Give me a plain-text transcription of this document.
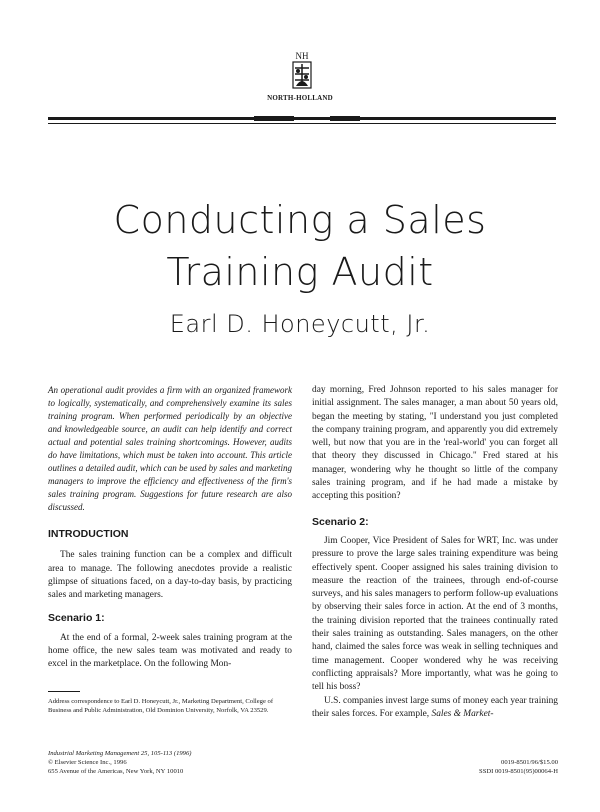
NH
NORTH-HOLLAND
Conducting a Sales
Training Audit
Earl D. Honeycutt, Jr.
An operational audit provides a firm with an organized framework to logically, systematically, and comprehensively examine its sales training program. When performed periodically by an objective and knowledgeable source, an audit can help identify and correct actual and potential sales training shortcomings. However, audits do have limitations, which must be taken into account. This article outlines a detailed audit, which can be used by sales and marketing managers to improve the efficiency and effectiveness of the firm's sales training program. Suggestions for future research are also discussed.
INTRODUCTION

The sales training function can be a complex and difficult area to manage. The following anecdotes provide a realistic glimpse of situations faced, on a day-to-day basis, by practicing sales and marketing managers.

Scenario 1:

At the end of a formal, 2-week sales training program at the home office, the new sales team was motivated and ready to excel in the marketplace. On the following Mon-

day morning, Fred Johnson reported to his sales manager for initial assignment. The sales manager, a man about 50 years old, began the meeting by stating, "I understand you just completed the company training program, and apparently you did extremely well, but now that you are in the 'real-world' you can forget all that theory they discussed in Chicago." Fred stared at his manager, wondering why he thought so little of the company sales training program, and if he had made a mistake by accepting this position?

Scenario 2:

Jim Cooper, Vice President of Sales for WRT, Inc. was under pressure to prove the large sales training expenditure was being effectively spent. Cooper assigned his sales training division to measure the reaction of the trainees, through end-of-course surveys, and his sales managers to perform follow-up evaluations by observing their sales force in action. At the end of 3 months, the training division reported that the trainees continually rated their sales training as outstanding. Sales managers, on the other hand, claimed the sales force was weak in selling techniques and time management. Cooper wondered why he was receiving conflicting appraisals? More importantly, what was he going to tell his boss?

U.S. companies invest large sums of money each year training their sales forces. For example, Sales & Market-

Address correspondence to Earl D. Honeycutt, Jr., Marketing Department, College of Business and Public Administration, Old Dominion University, Norfolk, VA 23529.
Industrial Marketing Management 25, 105-113 (1996)
© Elsevier Science Inc., 1996
655 Avenue of the Americas, New York, NY 10010
0019-8501/96/$15.00
SSDI 0019-8501(95)00064-H
